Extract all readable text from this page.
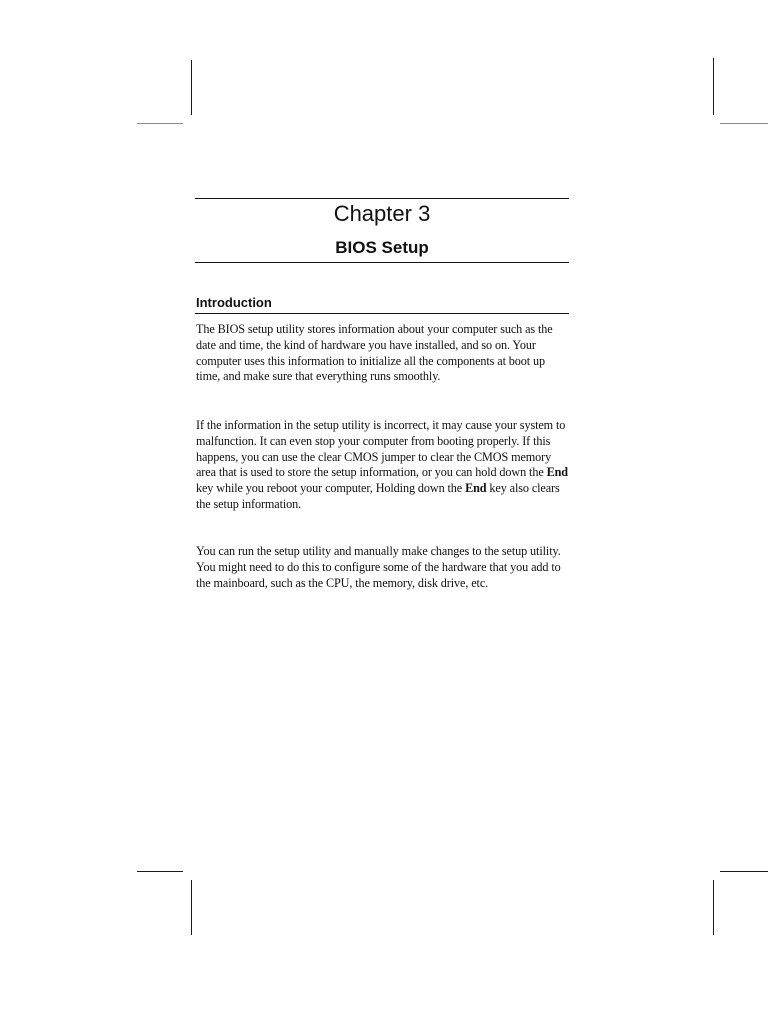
Chapter 3
BIOS Setup
Introduction
The BIOS setup utility stores information about your computer such as the date and time, the kind of hardware you have installed, and so on. Your computer uses this information to initialize all the components at boot up time, and make sure that everything runs smoothly.
If the information in the setup utility is incorrect, it may cause your system to malfunction. It can even stop your computer from booting properly. If this happens, you can use the clear CMOS jumper to clear the CMOS memory area that is used to store the setup information, or you can hold down the End key while you reboot your computer, Holding down the End key also clears the setup information.
You can run the setup utility and manually make changes to the setup utility. You might need to do this to configure some of the hardware that you add to the mainboard, such as the CPU, the memory, disk drive, etc.
